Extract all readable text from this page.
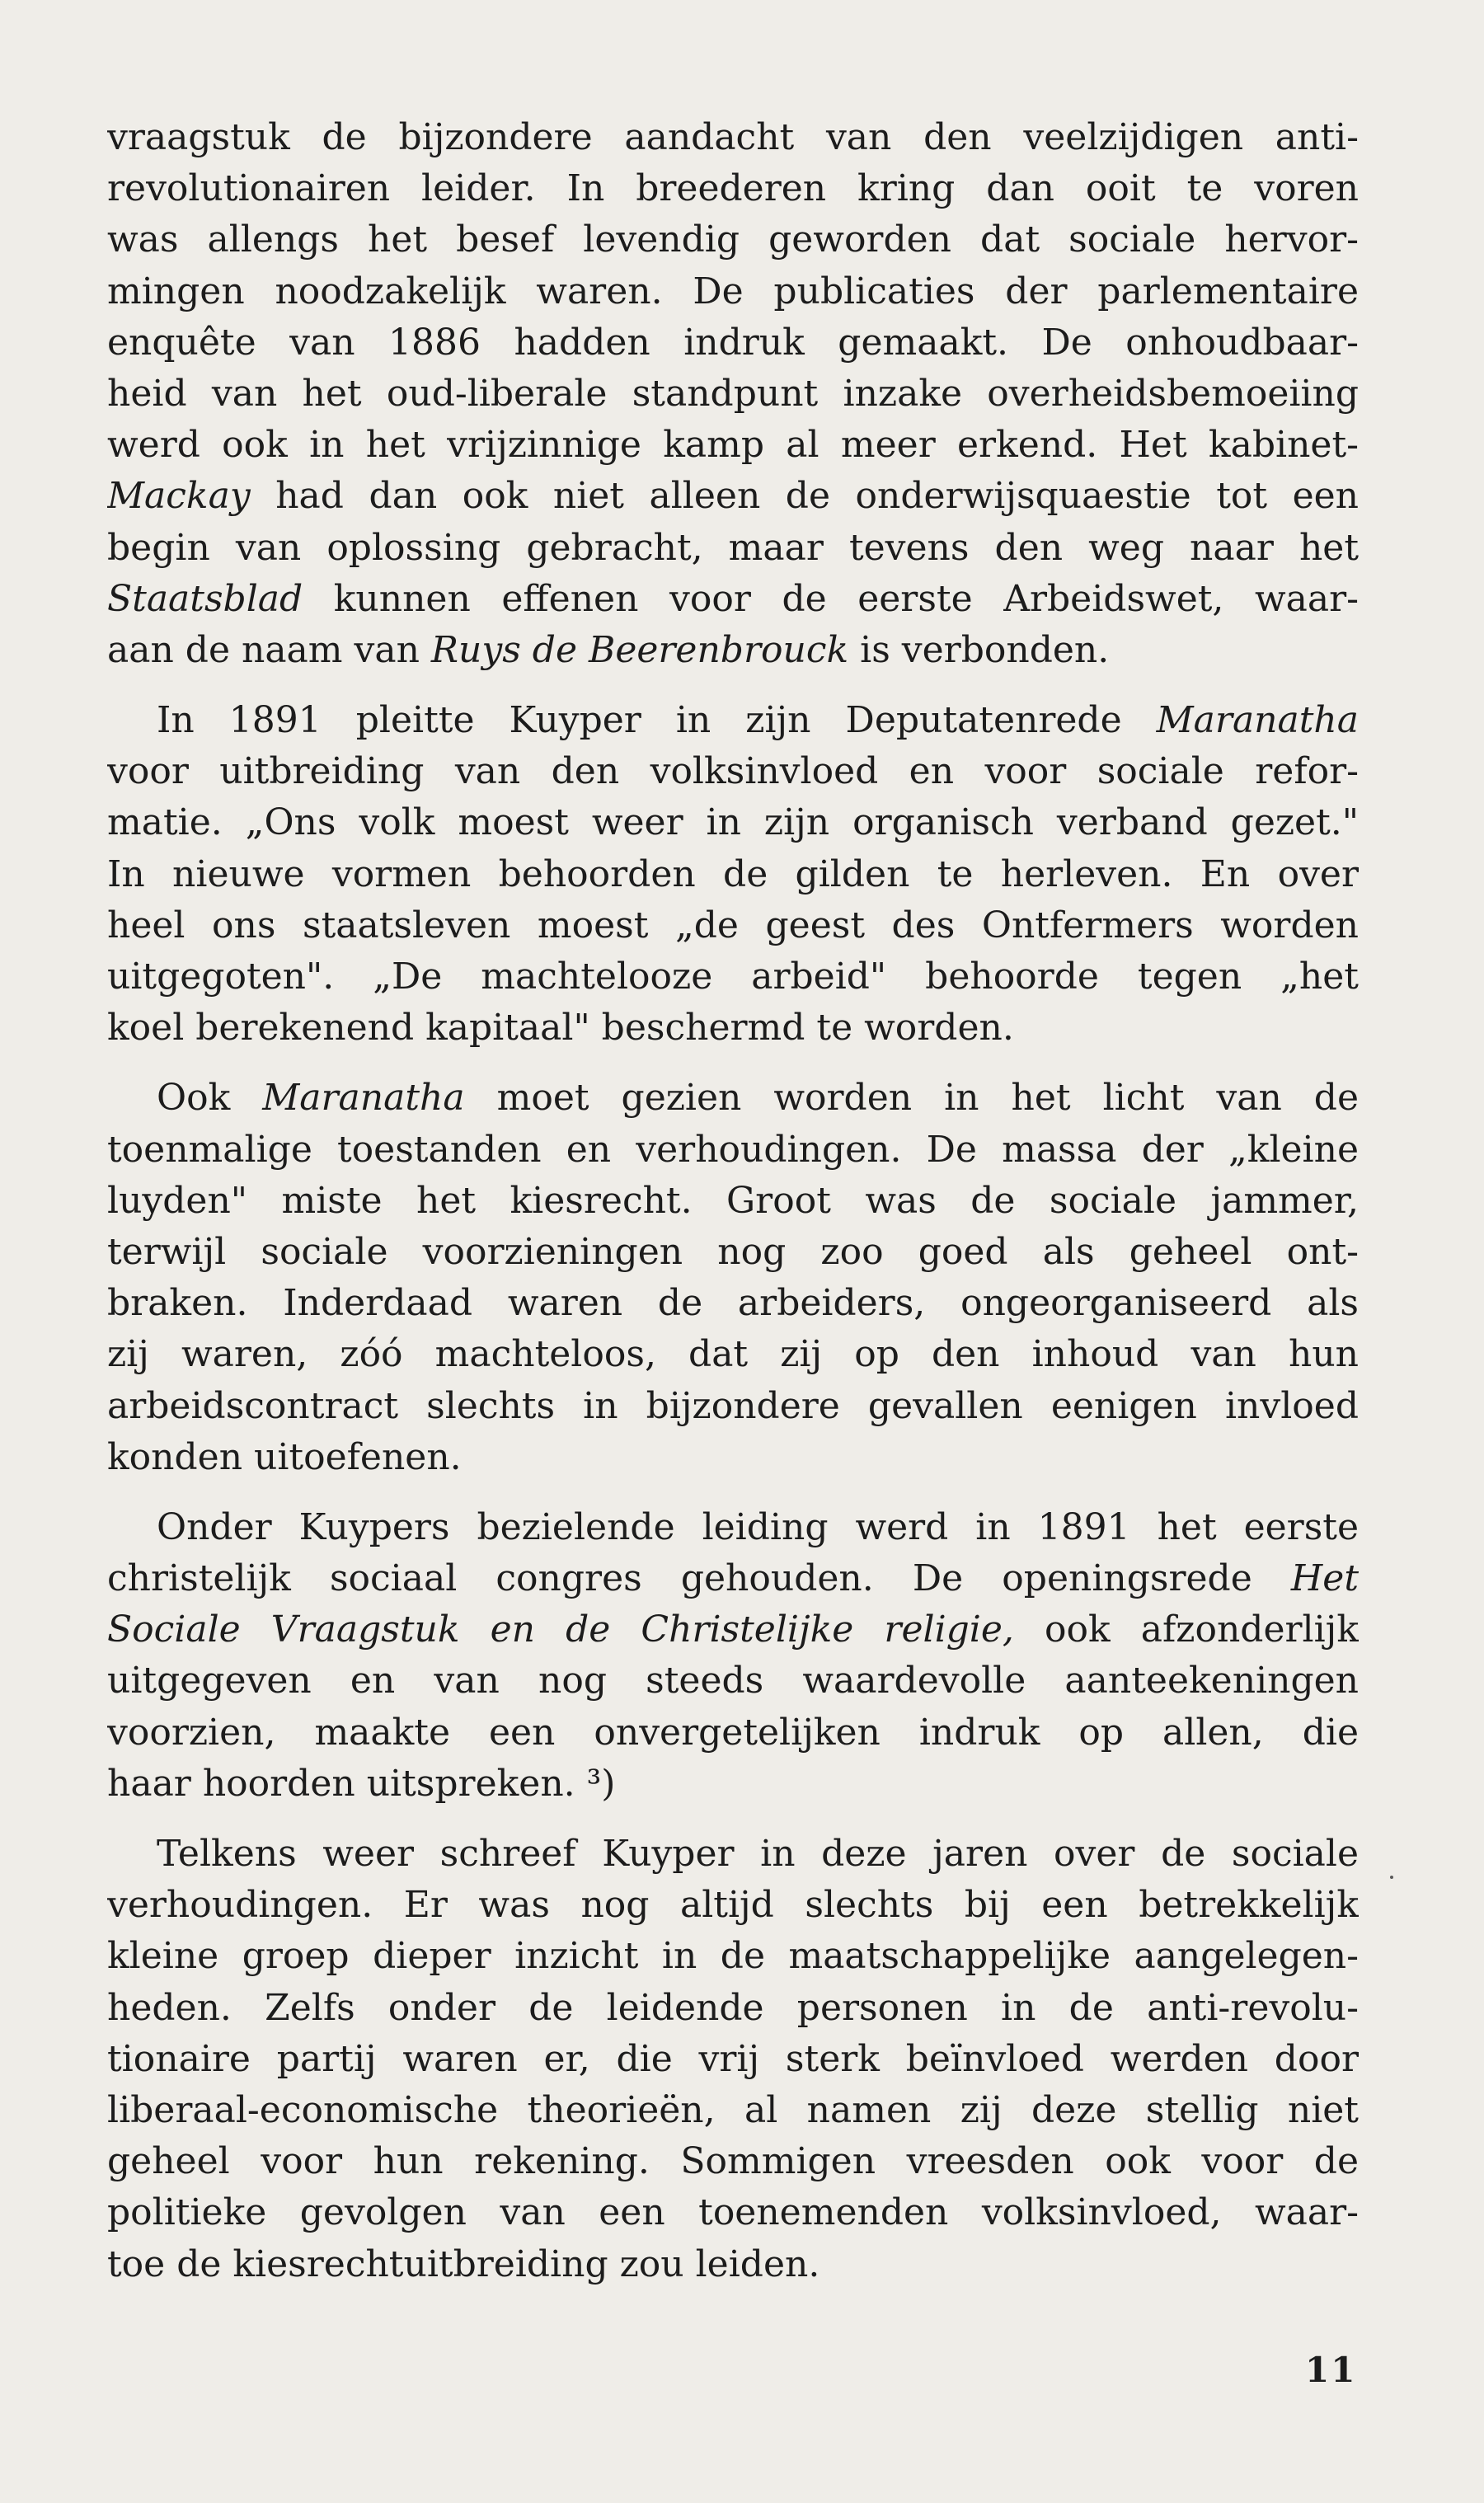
vraagstuk de bijzondere aandacht van den veelzijdigen anti-
revolutionairen leider. In breederen kring dan ooit te voren
was allengs het besef levendig geworden dat sociale hervor-
mingen noodzakelijk waren. De publicaties der parlementaire
enquête van 1886 hadden indruk gemaakt. De onhoudbaar-
heid van het oud-liberale standpunt inzake overheidsbemoeiing
werd ook in het vrijzinnige kamp al meer erkend. Het kabinet-
Mackay had dan ook niet alleen de onderwijsquaestie tot een
begin van oplossing gebracht, maar tevens den weg naar het
Staatsblad kunnen effenen voor de eerste Arbeidswet, waar-
aan de naam van Ruys de Beerenbrouck is verbonden.
In 1891 pleitte Kuyper in zijn Deputatenrede Maranatha
voor uitbreiding van den volksinvloed en voor sociale refor-
matie. „Ons volk moest weer in zijn organisch verband gezet."
In nieuwe vormen behoorden de gilden te herleven. En over
heel ons staatsleven moest „de geest des Ontfermers worden
uitgegoten". „De machtelooze arbeid" behoorde tegen „het
koel berekenend kapitaal" beschermd te worden.
Ook Maranatha moet gezien worden in het licht van de
toenmalige toestanden en verhoudingen. De massa der „kleine
luyden" miste het kiesrecht. Groot was de sociale jammer,
terwijl sociale voorzieningen nog zoo goed als geheel ont-
braken. Inderdaad waren de arbeiders, ongeorganiseerd als
zij waren, zóó machteloos, dat zij op den inhoud van hun
arbeidscontract slechts in bijzondere gevallen eenigen invloed
konden uitoefenen.
Onder Kuypers bezielende leiding werd in 1891 het eerste
christelijk sociaal congres gehouden. De openingsrede Het
Sociale Vraagstuk en de Christelijke religie, ook afzonderlijk
uitgegeven en van nog steeds waardevolle aanteekeningen
voorzien, maakte een onvergetelijken indruk op allen, die
haar hoorden uitspreken. ³)
Telkens weer schreef Kuyper in deze jaren over de sociale
verhoudingen. Er was nog altijd slechts bij een betrekkelijk
kleine groep dieper inzicht in de maatschappelijke aangelegen-
heden. Zelfs onder de leidende personen in de anti-revolu-
tionaire partij waren er, die vrij sterk beïnvloed werden door
liberaal-economische theorieën, al namen zij deze stellig niet
geheel voor hun rekening. Sommigen vreesden ook voor de
politieke gevolgen van een toenemenden volksinvloed, waar-
toe de kiesrechtuitbreiding zou leiden.
11
